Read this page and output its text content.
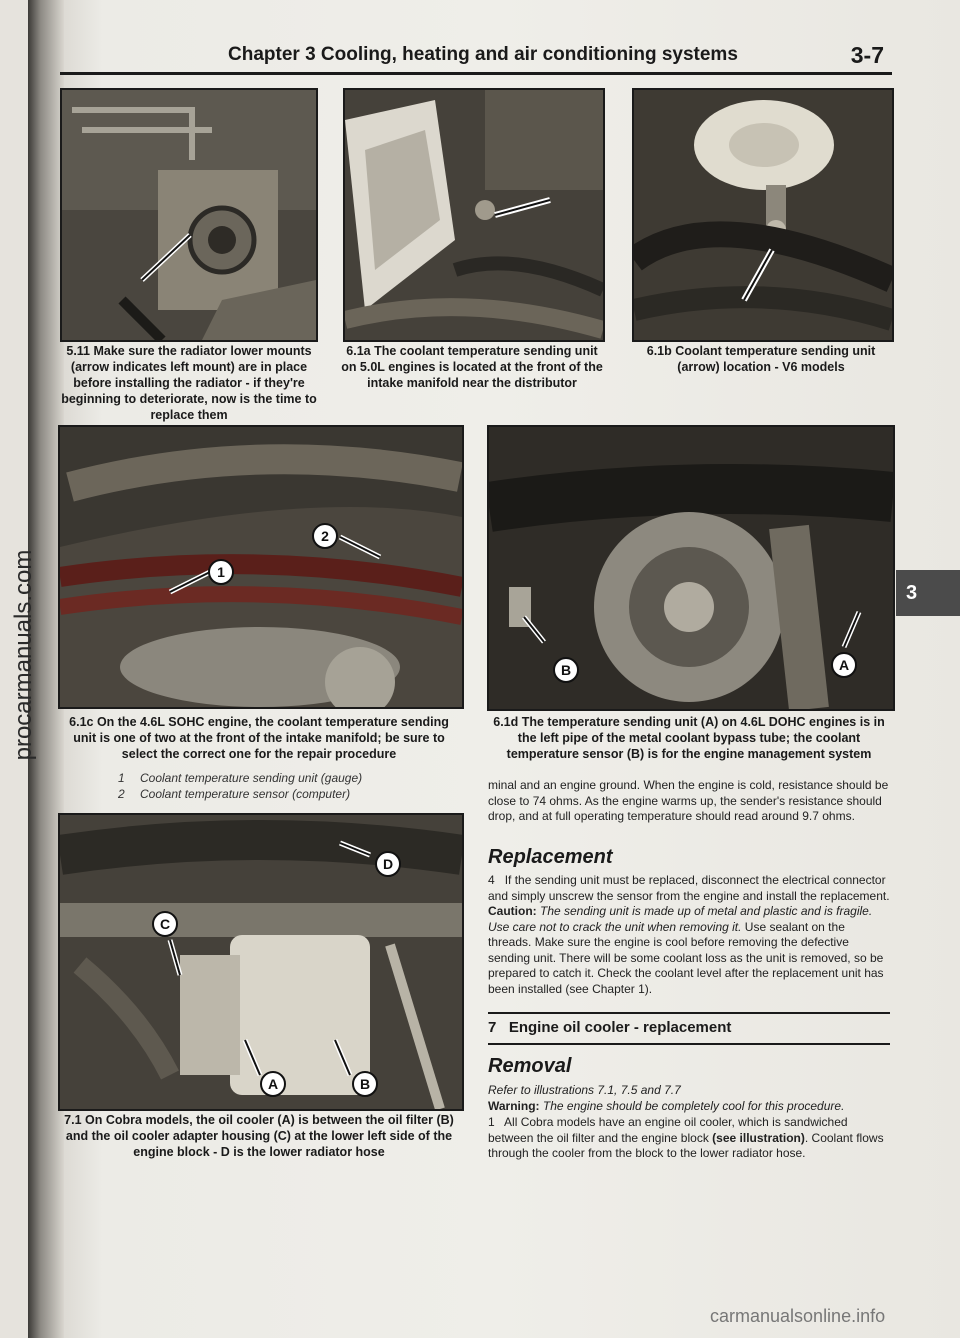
procarmanuals.com
Chapter 3 Cooling, heating and air conditioning systems	3-7
5.11 Make sure the radiator lower mounts (arrow indicates left mount) are in place before installing the radiator - if they're beginning to deteriorate, now is the time to replace them
6.1a The coolant temperature sending unit on 5.0L engines is located at the front of the intake manifold near the distributor
6.1b Coolant temperature sending unit (arrow) location - V6 models
1
2
B	A
6.1c On the 4.6L SOHC engine, the coolant temperature sending unit is one of two at the front of the intake manifold; be sure to select the correct one for the repair procedure
6.1d The temperature sending unit (A) on 4.6L DOHC engines is in the left pipe of the metal coolant bypass tube; the coolant temperature sensor (B) is for the engine management system
1 Coolant temperature sending unit (gauge)
2 Coolant temperature sensor (computer)
A	B
C
D
7.1 On Cobra models, the oil cooler (A) is between the oil filter (B) and the oil cooler adapter housing (C) at the lower left side of the engine block - D is the lower radiator hose
minal and an engine ground. When the engine is cold, resistance should be close to 74 ohms. As the engine warms up, the sender's resistance should drop, and at full operating temperature should read around 9.7 ohms.
Replacement
4 If the sending unit must be replaced, disconnect the electrical connector and simply unscrew the sensor from the engine and install the replacement. Caution: The sending unit is made up of metal and plastic and is fragile. Use care not to crack the unit when removing it. Use sealant on the threads. Make sure the engine is cool before removing the defective sending unit. There will be some coolant loss as the unit is removed, so be prepared to catch it. Check the coolant level after the replacement unit has been installed (see Chapter 1).
7   Engine oil cooler - replacement
Removal
Refer to illustrations 7.1, 7.5 and 7.7
Warning: The engine should be completely cool for this procedure.
1 All Cobra models have an engine oil cooler, which is sandwiched between the oil filter and the engine block (see illustration). Coolant flows through the cooler from the block to the lower radiator hose.
3
carmanualsonline.info
